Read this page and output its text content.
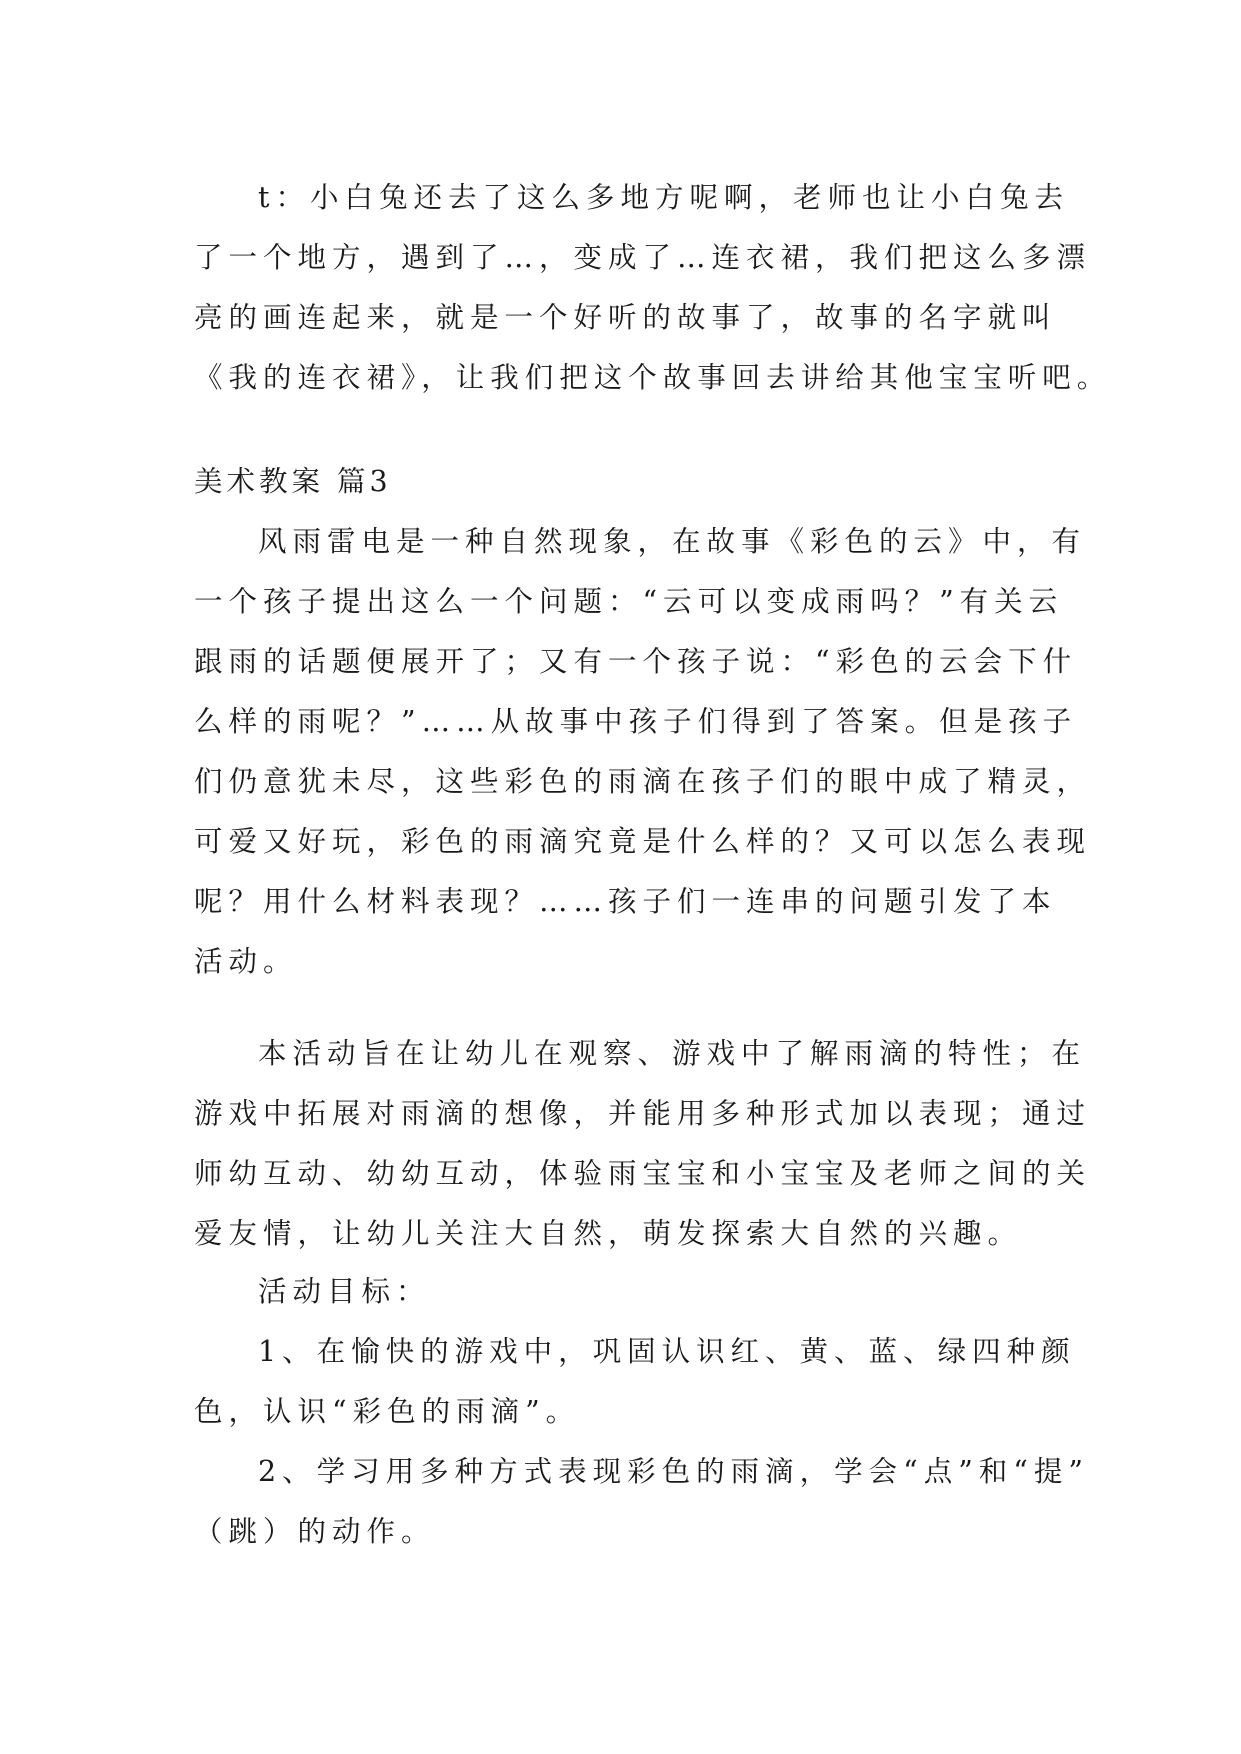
t：小白兔还去了这么多地方呢啊，老师也让小白兔去
了一个地方，遇到了…，变成了…连衣裙，我们把这么多漂
亮的画连起来，就是一个好听的故事了，故事的名字就叫
《我的连衣裙》，让我们把这个故事回去讲给其他宝宝听吧。
美术教案 篇3
风雨雷电是一种自然现象，在故事《彩色的云》中，有
一个孩子提出这么一个问题：“云可以变成雨吗？”有关云
跟雨的话题便展开了；又有一个孩子说：“彩色的云会下什
么样的雨呢？”……从故事中孩子们得到了答案。但是孩子
们仍意犹未尽，这些彩色的雨滴在孩子们的眼中成了精灵，
可爱又好玩，彩色的雨滴究竟是什么样的？又可以怎么表现
呢？用什么材料表现？……孩子们一连串的问题引发了本
活动。
本活动旨在让幼儿在观察、游戏中了解雨滴的特性；在
游戏中拓展对雨滴的想像，并能用多种形式加以表现；通过
师幼互动、幼幼互动，体验雨宝宝和小宝宝及老师之间的关
爱友情，让幼儿关注大自然，萌发探索大自然的兴趣。
活动目标：
1、在愉快的游戏中，巩固认识红、黄、蓝、绿四种颜
色，认识“彩色的雨滴”。
2、学习用多种方式表现彩色的雨滴，学会“点”和“提”
（跳）的动作。
